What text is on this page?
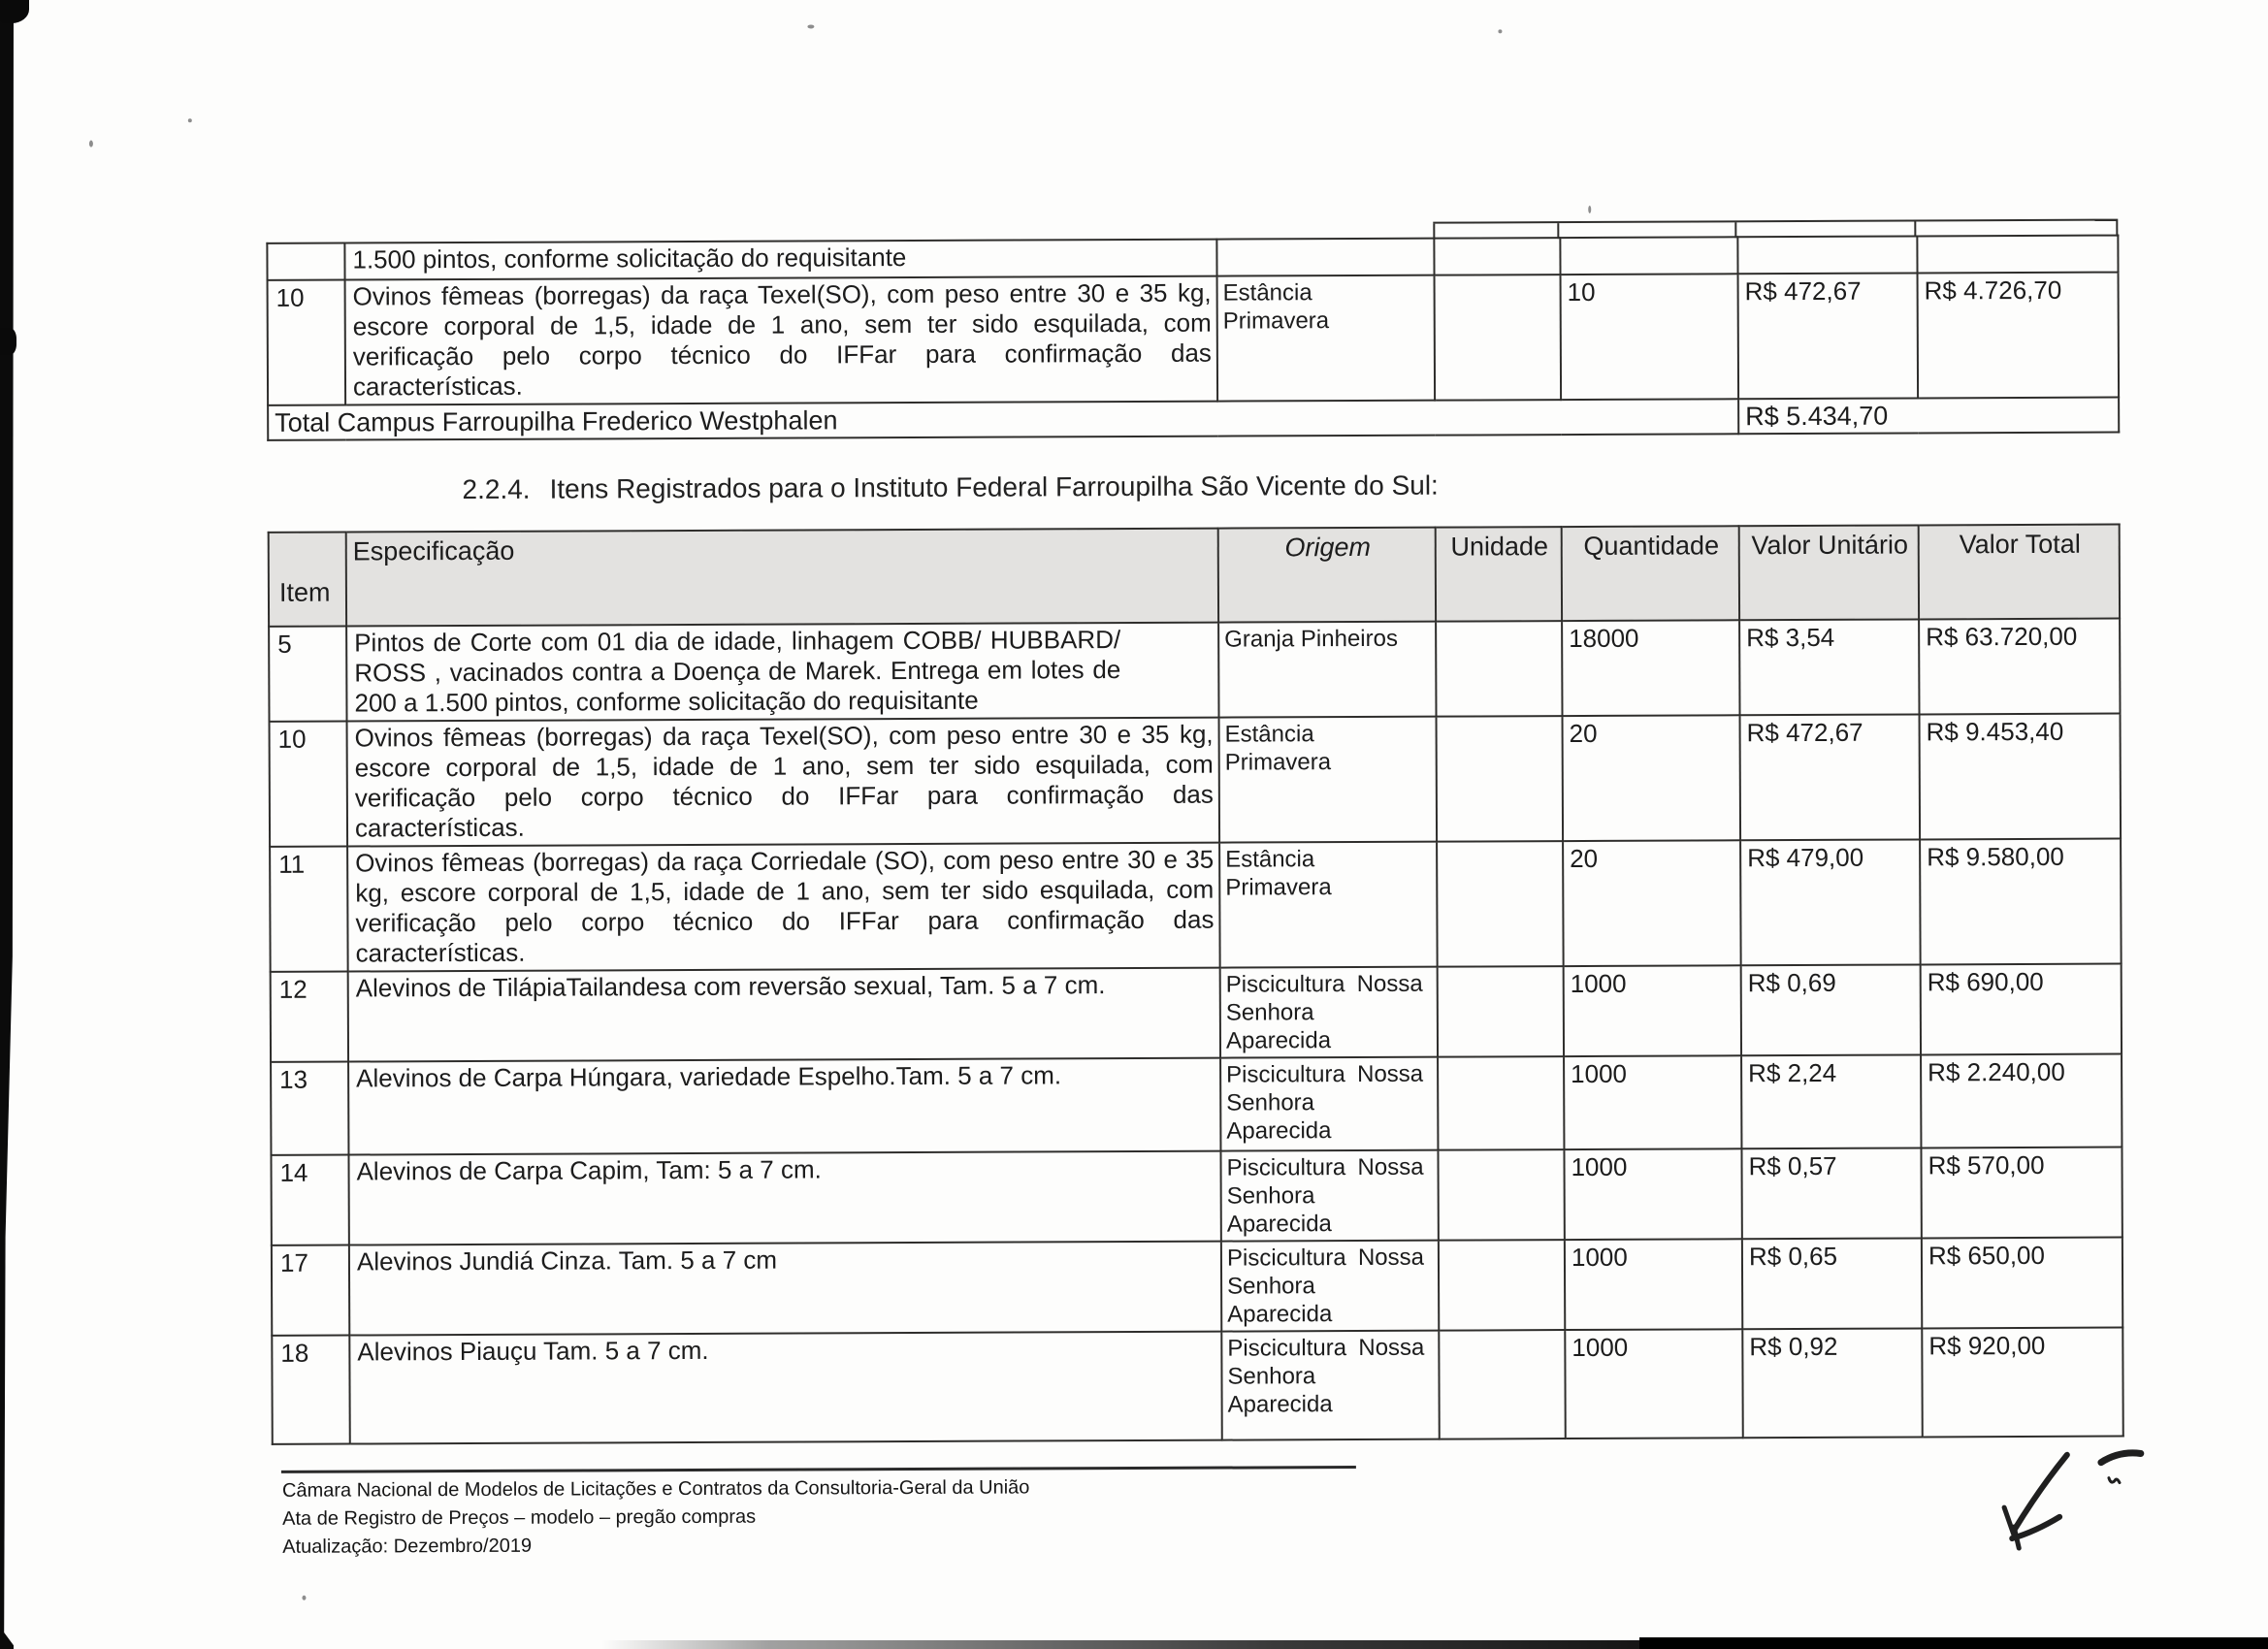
	1.500 pintos, conforme solicitação do requisitante					
10	Ovinos fêmeas (borregas) da raça Texel(SO), com peso entre 30 e 35 kg, escore corporal de 1,5, idade de 1 ano, sem ter sido esquilada, com verificação pelo corpo técnico do IFFar para confirmação das características.	Estância Primavera		10	R$ 472,67	R$ 4.726,70
Total Campus Farroupilha Frederico Westphalen					R$ 5.434,70	
2.2.4. Itens Registrados para o Instituto Federal Farroupilha São Vicente do Sul:
Item	Especificação	Origem	Unidade	Quantidade	Valor Unitário	Valor Total
5	Pintos de Corte com 01 dia de idade, linhagem COBB/ HUBBARD/ ROSS , vacinados contra a Doença de Marek. Entrega em lotes de 200 a 1.500 pintos, conforme solicitação do requisitante	Granja Pinheiros		18000	R$ 3,54	R$ 63.720,00
10	Ovinos fêmeas (borregas) da raça Texel(SO), com peso entre 30 e 35 kg, escore corporal de 1,5, idade de 1 ano, sem ter sido esquilada, com verificação pelo corpo técnico do IFFar para confirmação das características.	Estância Primavera		20	R$ 472,67	R$ 9.453,40
11	Ovinos fêmeas (borregas) da raça Corriedale (SO), com peso entre 30 e 35 kg, escore corporal de 1,5, idade de 1 ano, sem ter sido esquilada, com verificação pelo corpo técnico do IFFar para confirmação das características.	Estância Primavera		20	R$ 479,00	R$ 9.580,00
12	Alevinos de TilápiaTailandesa com reversão sexual, Tam. 5 a 7 cm.	Piscicultura Nossa Senhora Aparecida		1000	R$ 0,69	R$ 690,00
13	Alevinos de Carpa Húngara, variedade Espelho.Tam. 5 a 7 cm.	Piscicultura Nossa Senhora Aparecida		1000	R$ 2,24	R$ 2.240,00
14	Alevinos de Carpa Capim, Tam: 5 a 7 cm.	Piscicultura Nossa Senhora Aparecida		1000	R$ 0,57	R$ 570,00
17	Alevinos Jundiá Cinza. Tam. 5 a 7 cm	Piscicultura Nossa Senhora Aparecida		1000	R$ 0,65	R$ 650,00
18	Alevinos Piauçu Tam. 5 a 7 cm.	Piscicultura Nossa Senhora Aparecida		1000	R$ 0,92	R$ 920,00
Câmara Nacional de Modelos de Licitações e Contratos da Consultoria-Geral da União
Ata de Registro de Preços – modelo – pregão compras
Atualização: Dezembro/2019
